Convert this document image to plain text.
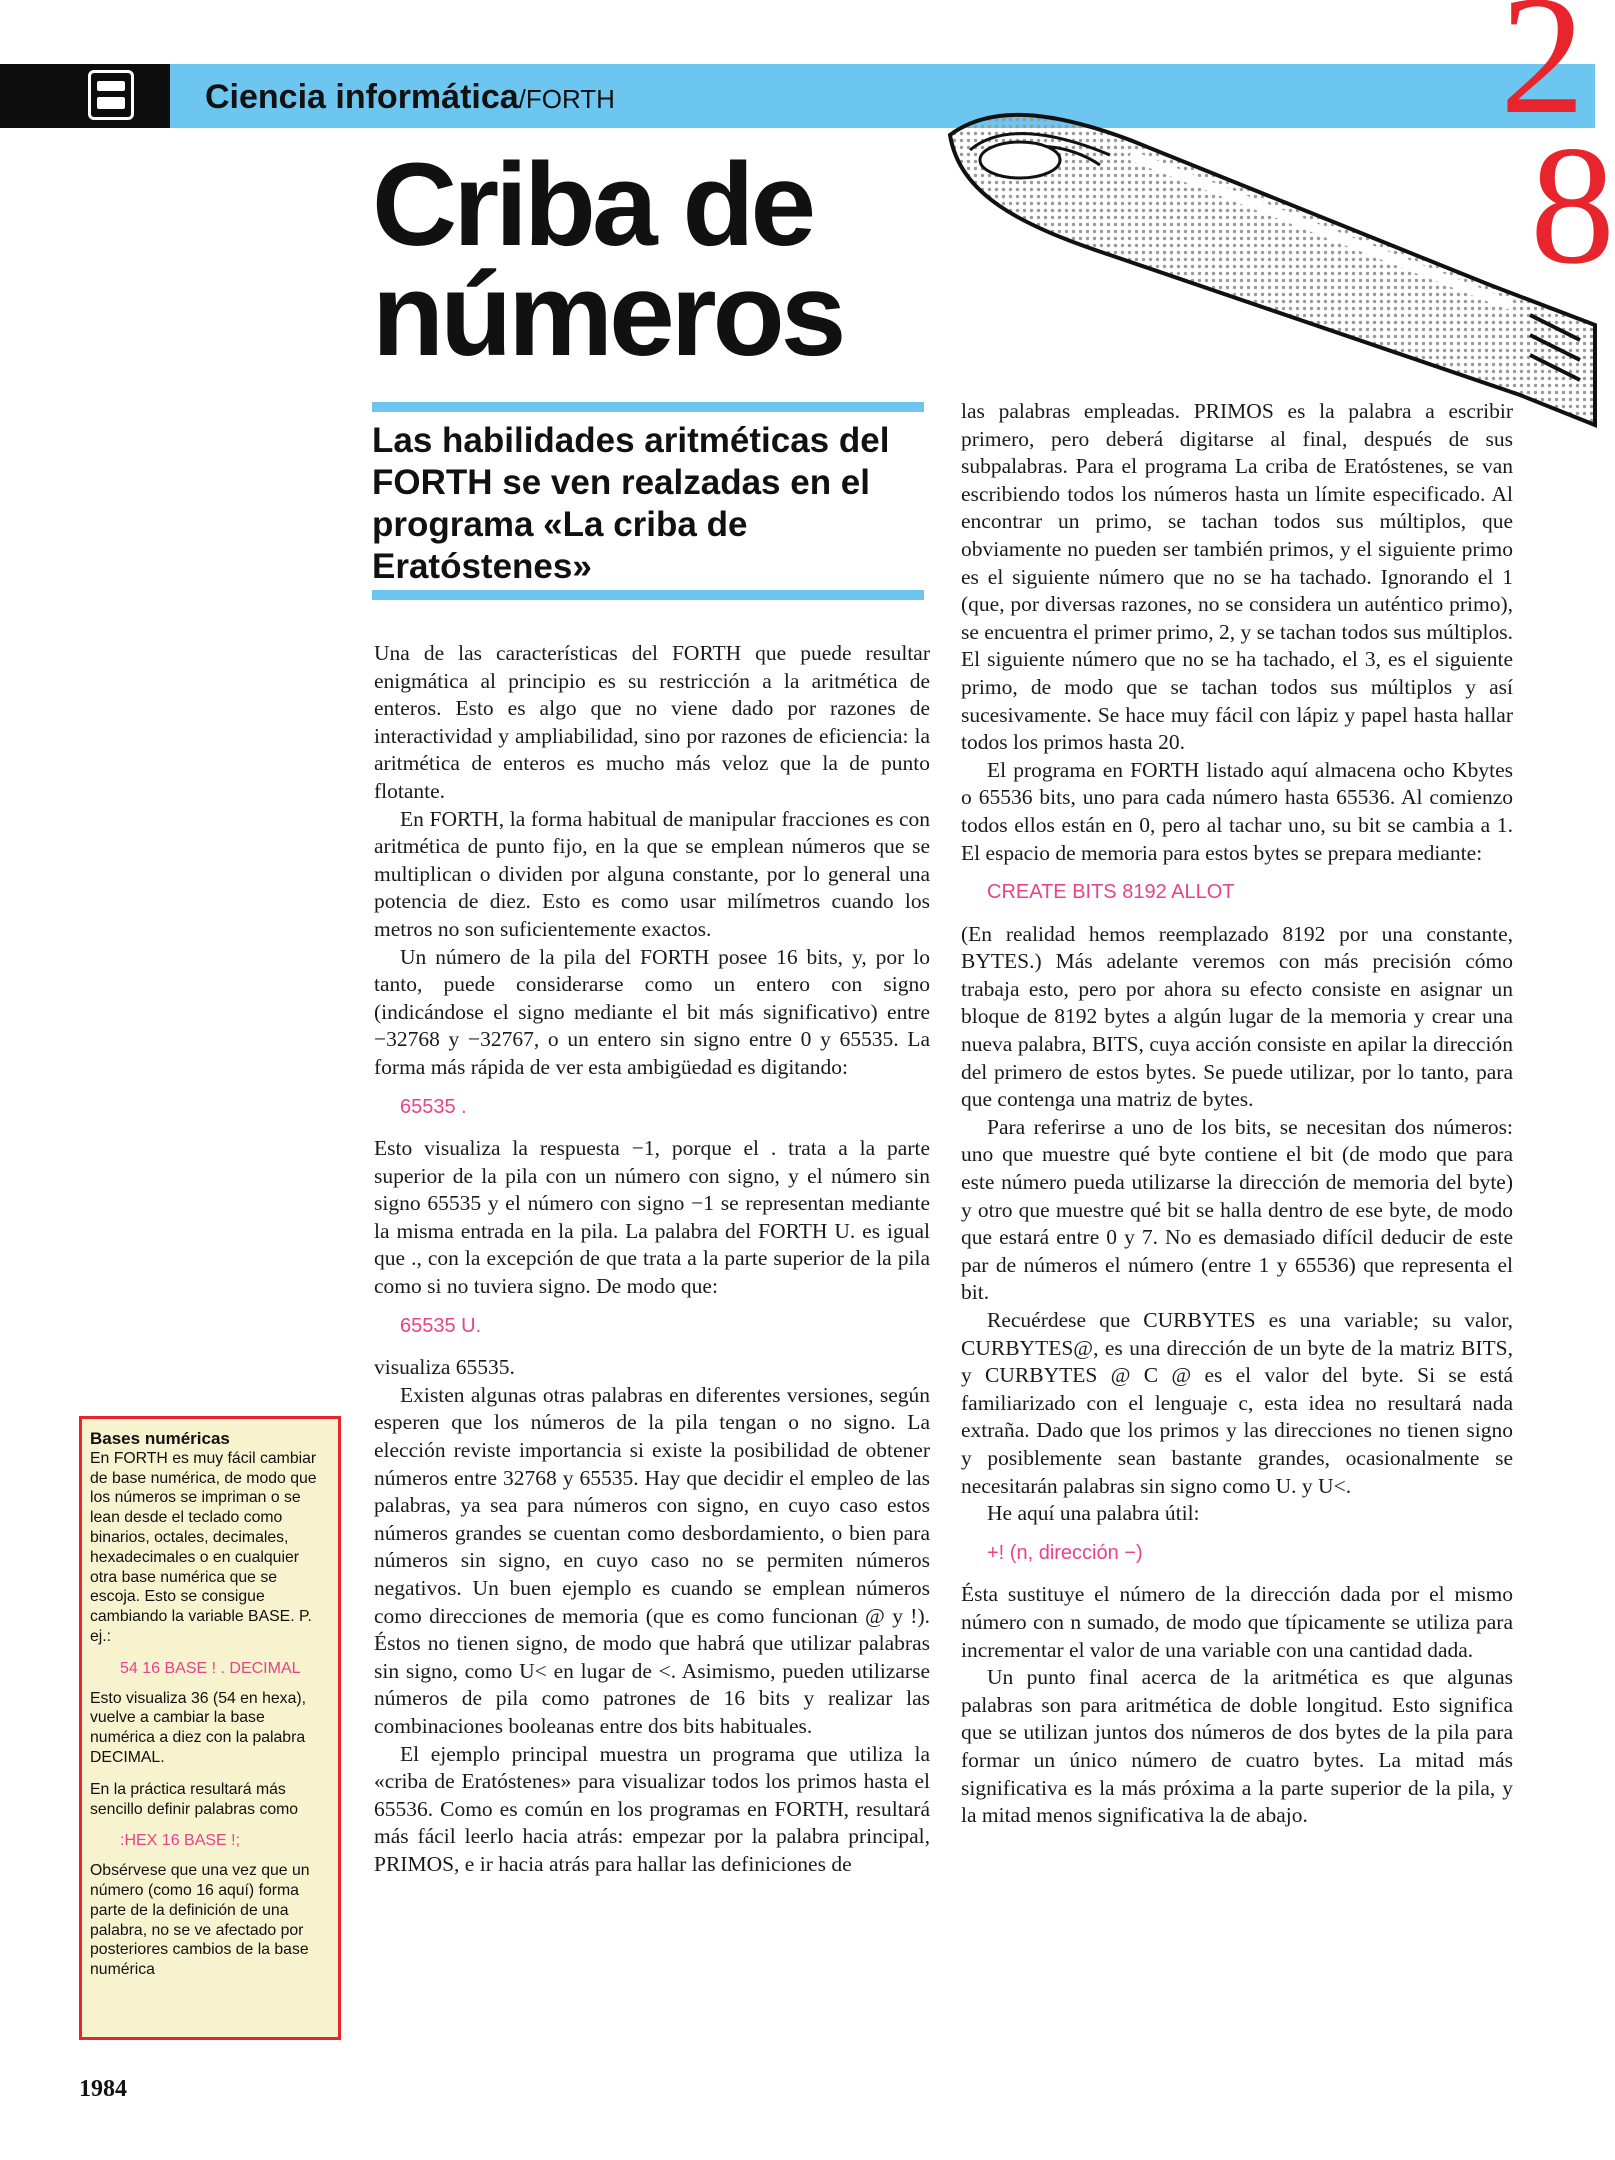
Ciencia informática/FORTH	2
8
Criba de
números
Las habilidades aritméticas del FORTH se ven realzadas en el programa «La criba de Eratóstenes»

Una de las características del FORTH que puede resultar enigmática al principio es su restricción a la aritmética de enteros. Esto es algo que no viene dado por razones de interactividad y ampliabilidad, sino por razones de eficiencia: la aritmética de enteros es mucho más veloz que la de punto flotante.

En FORTH, la forma habitual de manipular fracciones es con aritmética de punto fijo, en la que se emplean números que se multiplican o dividen por alguna constante, por lo general una potencia de diez. Esto es como usar milímetros cuando los metros no son suficientemente exactos.

Un número de la pila del FORTH posee 16 bits, y, por lo tanto, puede considerarse como un entero con signo (indicándose el signo mediante el bit más significativo) entre −32768 y −32767, o un entero sin signo entre 0 y 65535. La forma más rápida de ver esta ambigüedad es digitando:

65535 .

Esto visualiza la respuesta −1, porque el . trata a la parte superior de la pila con un número con signo, y el número sin signo 65535 y el número con signo −1 se representan mediante la misma entrada en la pila. La palabra del FORTH U. es igual que ., con la excepción de que trata a la parte superior de la pila como si no tuviera signo. De modo que:

65535 U.

visualiza 65535.

Existen algunas otras palabras en diferentes versiones, según esperen que los números de la pila tengan o no signo. La elección reviste importancia si existe la posibilidad de obtener números entre 32768 y 65535. Hay que decidir el empleo de las palabras, ya sea para números con signo, en cuyo caso estos números grandes se cuentan como desbordamiento, o bien para números sin signo, en cuyo caso no se permiten números negativos. Un buen ejemplo es cuando se emplean números como direcciones de memoria (que es como funcionan @ y !). Éstos no tienen signo, de modo que habrá que utilizar palabras sin signo, como U< en lugar de <. Asimismo, pueden utilizarse números de pila como patrones de 16 bits y realizar las combinaciones booleanas entre dos bits habituales.

El ejemplo principal muestra un programa que utiliza la «criba de Eratóstenes» para visualizar todos los primos hasta el 65536. Como es común en los programas en FORTH, resultará más fácil leerlo hacia atrás: empezar por la palabra principal, PRIMOS, e ir hacia atrás para hallar las definiciones de

las palabras empleadas. PRIMOS es la palabra a escribir primero, pero deberá digitarse al final, después de sus subpalabras. Para el programa La criba de Eratóstenes, se van escribiendo todos los números hasta un límite especificado. Al encontrar un primo, se tachan todos sus múltiplos, que obviamente no pueden ser también primos, y el siguiente primo es el siguiente número que no se ha tachado. Ignorando el 1 (que, por diversas razones, no se considera un auténtico primo), se encuentra el primer primo, 2, y se tachan todos sus múltiplos. El siguiente número que no se ha tachado, el 3, es el siguiente primo, de modo que se tachan todos sus múltiplos y así sucesivamente. Se hace muy fácil con lápiz y papel hasta hallar todos los primos hasta 20.

El programa en FORTH listado aquí almacena ocho Kbytes o 65536 bits, uno para cada número hasta 65536. Al comienzo todos ellos están en 0, pero al tachar uno, su bit se cambia a 1. El espacio de memoria para estos bytes se prepara mediante:

CREATE BITS 8192 ALLOT

(En realidad hemos reemplazado 8192 por una constante, BYTES.) Más adelante veremos con más precisión cómo trabaja esto, pero por ahora su efecto consiste en asignar un bloque de 8192 bytes a algún lugar de la memoria y crear una nueva palabra, BITS, cuya acción consiste en apilar la dirección del primero de estos bytes. Se puede utilizar, por lo tanto, para que contenga una matriz de bytes.

Para referirse a uno de los bits, se necesitan dos números: uno que muestre qué byte contiene el bit (de modo que para este número pueda utilizarse la dirección de memoria del byte) y otro que muestre qué bit se halla dentro de ese byte, de modo que estará entre 0 y 7. No es demasiado difícil deducir de este par de números el número (entre 1 y 65536) que representa el bit.

Recuérdese que CURBYTES es una variable; su valor, CURBYTES@, es una dirección de un byte de la matriz BITS, y CURBYTES @ C @ es el valor del byte. Si se está familiarizado con el lenguaje c, esta idea no resultará nada extraña. Dado que los primos y las direcciones no tienen signo y posiblemente sean bastante grandes, ocasionalmente se necesitarán palabras sin signo como U. y U<.

He aquí una palabra útil:

+! (n, dirección −)

Ésta sustituye el número de la dirección dada por el mismo número con n sumado, de modo que típicamente se utiliza para incrementar el valor de una variable con una cantidad dada.

Un punto final acerca de la aritmética es que algunas palabras son para aritmética de doble longitud. Esto significa que se utilizan juntos dos números de dos bytes de la pila para formar un único número de cuatro bytes. La mitad más significativa es la más próxima a la parte superior de la pila, y la mitad menos significativa la de abajo.

Bases numéricas

En FORTH es muy fácil cambiar de base numérica, de modo que los números se impriman o se lean desde el teclado como binarios, octales, decimales, hexadecimales o en cualquier otra base numérica que se escoja. Esto se consigue cambiando la variable BASE. P. ej.:

54 16 BASE ! . DECIMAL

Esto visualiza 36 (54 en hexa), vuelve a cambiar la base numérica a diez con la palabra DECIMAL.

En la práctica resultará más sencillo definir palabras como

:HEX 16 BASE !;

Obsérvese que una vez que un número (como 16 aquí) forma parte de la definición de una palabra, no se ve afectado por posteriores cambios de la base numérica

1984
